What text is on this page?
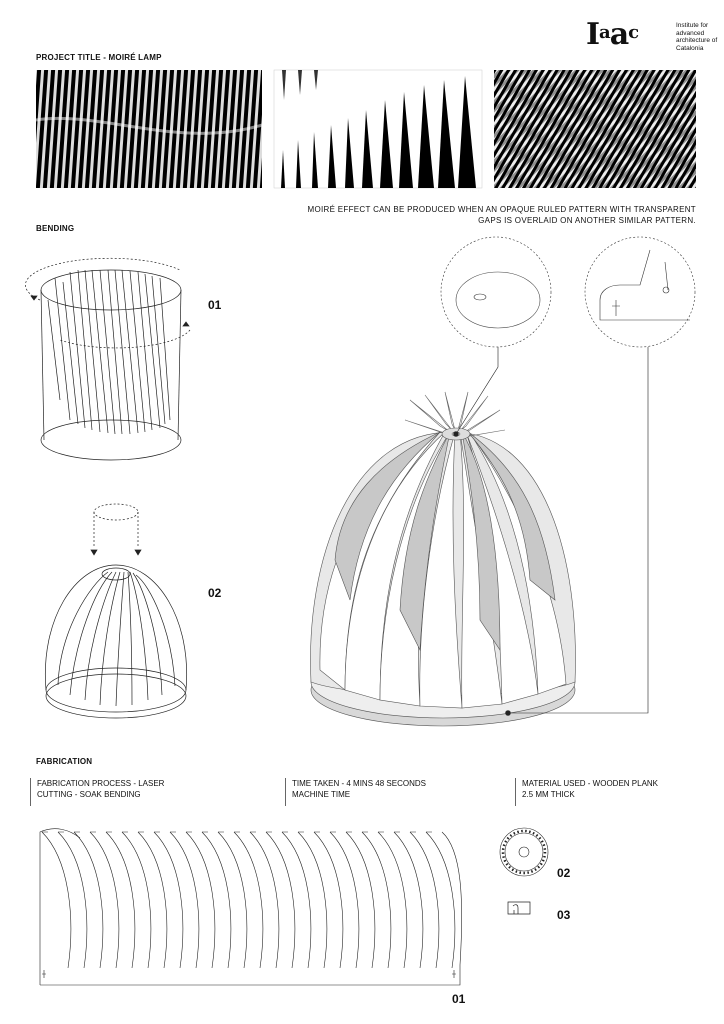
$I^aa^c$	Institute for advanced architecture of Catalonia
PROJECT TITLE - MOIRÉ LAMP
MOIRÉ EFFECT CAN BE PRODUCED WHEN AN OPAQUE RULED PATTERN WITH TRANSPARENT
GAPS IS OVERLAID ON ANOTHER SIMILAR PATTERN.
BENDING
01
02
FABRICATION
FABRICATION PROCESS - LASER
CUTTING - SOAK BENDING
TIME TAKEN - 4 MINS 48 SECONDS
MACHINE TIME
MATERIAL USED - WOODEN PLANK
2.5 MM THICK
02
03
01
